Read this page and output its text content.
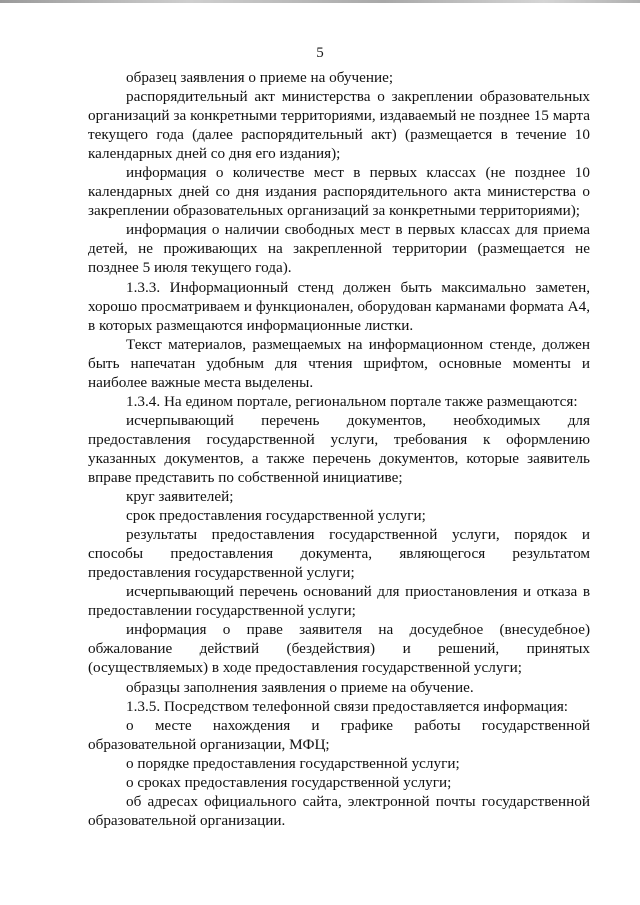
5

образец заявления о приеме на обучение;

распорядительный акт министерства о закреплении образовательных организаций за конкретными территориями, издаваемый не позднее 15 марта текущего года (далее распорядительный акт) (размещается в течение 10 календарных дней со дня его издания);

информация о количестве мест в первых классах (не позднее 10 календарных дней со дня издания распорядительного акта министерства о закреплении образовательных организаций за конкретными территориями);

информация о наличии свободных мест в первых классах для приема детей, не проживающих на закрепленной территории (размещается не позднее 5 июля текущего года).

1.3.3. Информационный стенд должен быть максимально заметен, хорошо просматриваем и функционален, оборудован карманами формата А4, в которых размещаются информационные листки.

Текст материалов, размещаемых на информационном стенде, должен быть напечатан удобным для чтения шрифтом, основные моменты и наиболее важные места выделены.

1.3.4. На едином портале, региональном портале также размещаются:

исчерпывающий перечень документов, необходимых для предоставления государственной услуги, требования к оформлению указанных документов, а также перечень документов, которые заявитель вправе представить по собственной инициативе;

круг заявителей;

срок предоставления государственной услуги;

результаты предоставления государственной услуги, порядок и способы предоставления документа, являющегося результатом предоставления государственной услуги;

исчерпывающий перечень оснований для приостановления и отказа в предоставлении государственной услуги;

информация о праве заявителя на досудебное (внесудебное) обжалование действий (бездействия) и решений, принятых (осуществляемых) в ходе предоставления государственной услуги;

образцы заполнения заявления о приеме на обучение.

1.3.5. Посредством телефонной связи предоставляется информация:

о месте нахождения и графике работы государственной образовательной организации, МФЦ;

о порядке предоставления государственной услуги;

о сроках предоставления государственной услуги;

об адресах официального сайта, электронной почты государственной образовательной организации.
